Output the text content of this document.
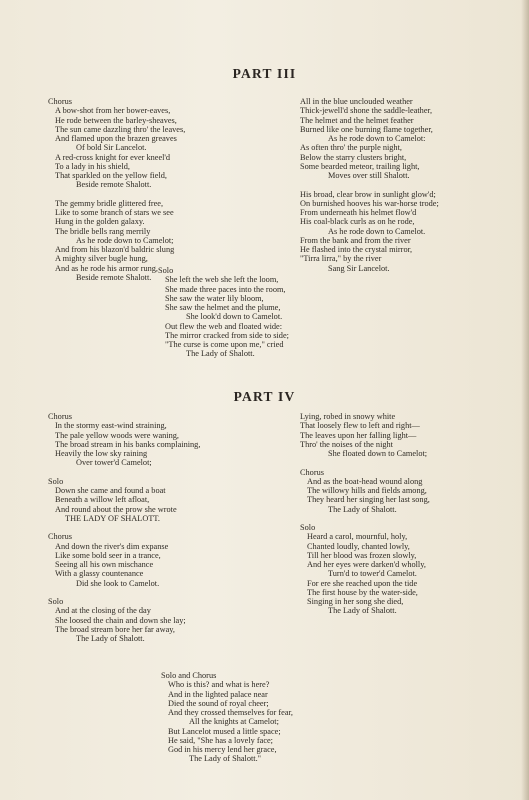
PART III
Chorus
A bow-shot from her bower-eaves,
He rode between the barley-sheaves,
The sun came dazzling thro' the leaves,
And flamed upon the brazen greaves
Of bold Sir Lancelot.
A red-cross knight for ever kneel'd
To a lady in his shield,
That sparkled on the yellow field,
Beside remote Shalott.
The gemmy bridle glittered free,
Like to some branch of stars we see
Hung in the golden galaxy.
The bridle bells rang merrily
As he rode down to Camelot;
And from his blazon'd baldric slung
A mighty silver bugle hung,
And as he rode his armor rung,
Beside remote Shalott.
All in the blue unclouded weather
Thick-jewell'd shone the saddle-leather,
The helmet and the helmet feather
Burned like one burning flame together,
As he rode down to Camelot:
As often thro' the purple night,
Below the starry clusters bright,
Some bearded meteor, trailing light,
Moves over still Shalott.
His broad, clear brow in sunlight glow'd;
On burnished hooves his war-horse trode;
From underneath his helmet flow'd
His coal-black curls as on he rode,
As he rode down to Camelot.
From the bank and from the river
He flashed into the crystal mirror,
"Tirra lirra," by the river
Sang Sir Lancelot.
Solo
She left the web she left the loom,
She made three paces into the room,
She saw the water lily bloom,
She saw the helmet and the plume,
She look'd down to Camelot.
Out flew the web and floated wide:
The mirror cracked from side to side;
"The curse is come upon me," cried
The Lady of Shalott.
PART IV
Chorus
In the stormy east-wind straining,
The pale yellow woods were waning,
The broad stream in his banks complaining,
Heavily the low sky raining
Over tower'd Camelot;
Solo
Down she came and found a boat
Beneath a willow left afloat,
And round about the prow she wrote
THE LADY OF SHALOTT.
Chorus
And down the river's dim expanse
Like some bold seer in a trance,
Seeing all his own mischance
With a glassy countenance
Did she look to Camelot.
Solo
And at the closing of the day
She loosed the chain and down she lay;
The broad stream bore her far away,
The Lady of Shalott.
Lying, robed in snowy white
That loosely flew to left and right—
The leaves upon her falling light—
Thro' the noises of the night
She floated down to Camelot;
Chorus
And as the boat-head wound along
The willowy hills and fields among,
They heard her singing her last song,
The Lady of Shalott.
Solo
Heard a carol, mournful, holy,
Chanted loudly, chanted lowly,
Till her blood was frozen slowly,
And her eyes were darken'd wholly,
Turn'd to tower'd Camelot.
For ere she reached upon the tide
The first house by the water-side,
Singing in her song she died,
The Lady of Shalott.
Solo and Chorus
Who is this? and what is here?
And in the lighted palace near
Died the sound of royal cheer;
And they crossed themselves for fear,
All the knights at Camelot;
But Lancelot mused a little space;
He said, "She has a lovely face;
God in his mercy lend her grace,
The Lady of Shalott."
